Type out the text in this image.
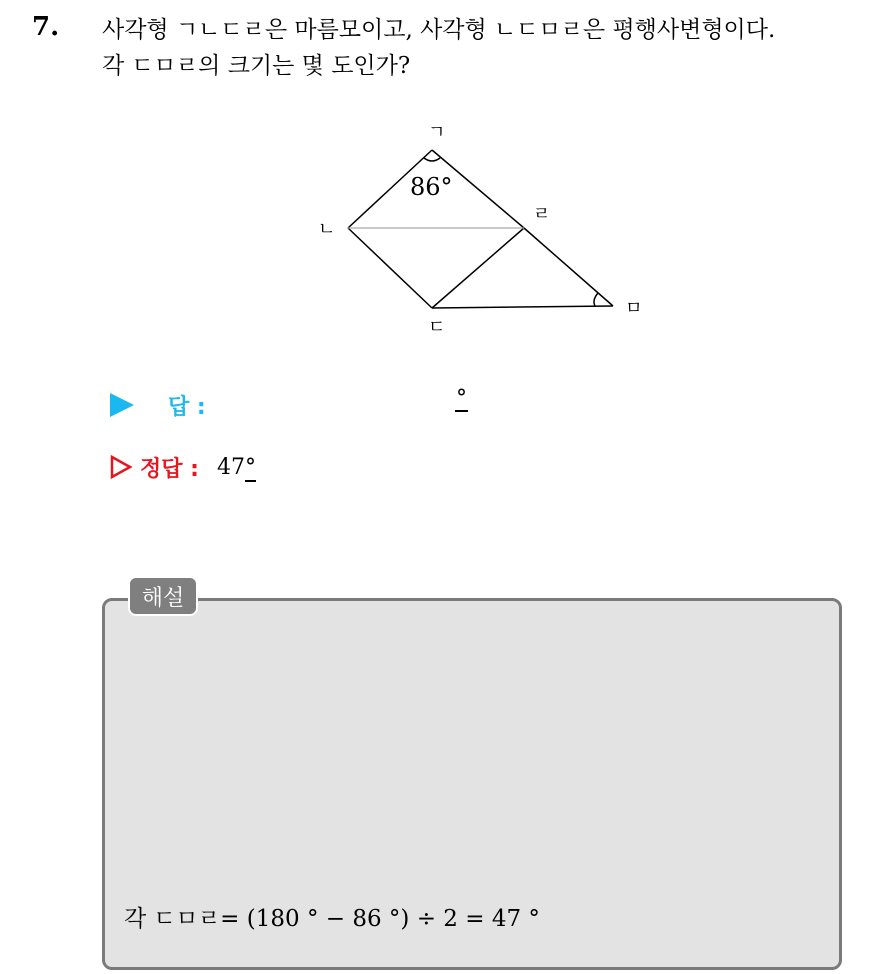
7. 사각형 ㄱㄴㄷㄹ은 마름모이고, 사각형 ㄴㄷㅁㄹ은 평행사변형이다.
각 ㄷㅁㄹ의 크기는 몇 도인가?
ㄱ
ㄴ
ㄷ
ㄹ
ㅁ
86°
답 :	°
정답 : 47°
해설
각 ㄷㅁㄹ= (180 ° − 86 °) ÷ 2 = 47 °
